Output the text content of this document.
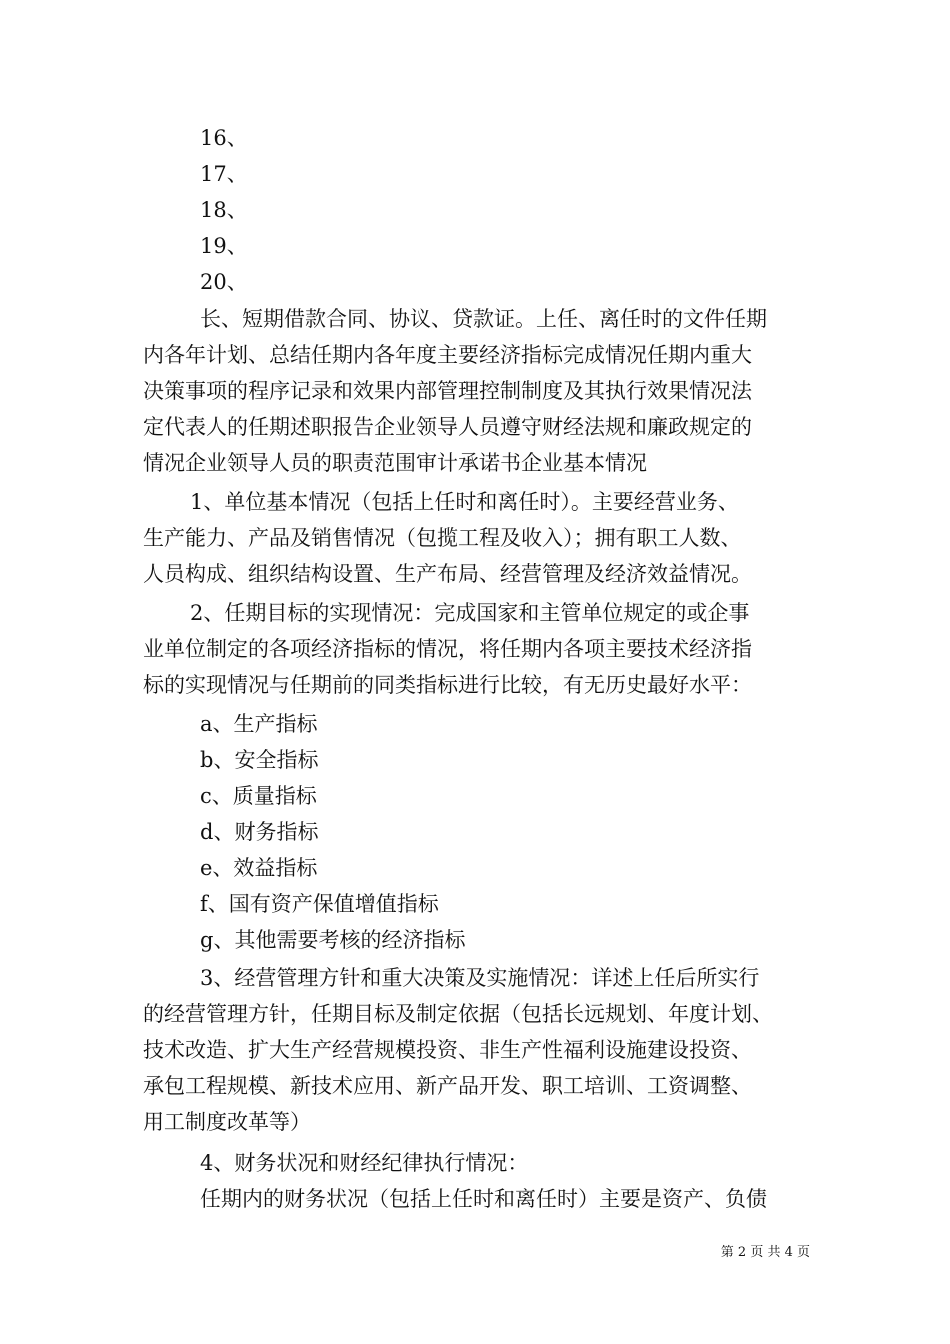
16、
17、
18、
19、
20、
长、短期借款合同、协议、贷款证。上任、离任时的文件任期
内各年计划、总结任期内各年度主要经济指标完成情况任期内重大
决策事项的程序记录和效果内部管理控制制度及其执行效果情况法
定代表人的任期述职报告企业领导人员遵守财经法规和廉政规定的
情况企业领导人员的职责范围审计承诺书企业基本情况
1、单位基本情况（包括上任时和离任时）。主要经营业务、
生产能力、产品及销售情况（包揽工程及收入）；拥有职工人数、
人员构成、组织结构设置、生产布局、经营管理及经济效益情况。
2、任期目标的实现情况：完成国家和主管单位规定的或企事
业单位制定的各项经济指标的情况，将任期内各项主要技术经济指
标的实现情况与任期前的同类指标进行比较，有无历史最好水平：
a、生产指标
b、安全指标
c、质量指标
d、财务指标
e、效益指标
f、国有资产保值增值指标
g、其他需要考核的经济指标
3、经营管理方针和重大决策及实施情况：详述上任后所实行
的经营管理方针，任期目标及制定依据（包括长远规划、年度计划、
技术改造、扩大生产经营规模投资、非生产性福利设施建设投资、
承包工程规模、新技术应用、新产品开发、职工培训、工资调整、
用工制度改革等）
4、财务状况和财经纪律执行情况：
任期内的财务状况（包括上任时和离任时）主要是资产、负债
第 2 页 共 4 页
